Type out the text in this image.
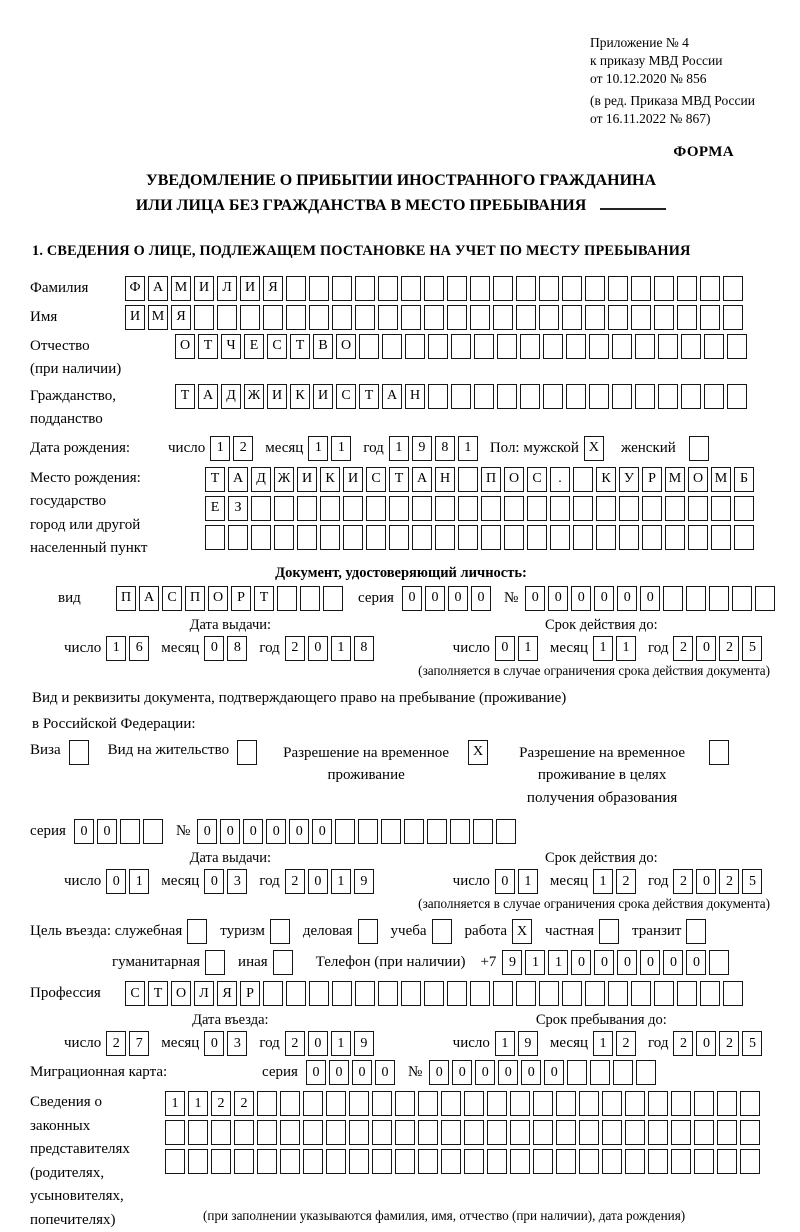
Приложение № 4
к приказу МВД России
от 10.12.2020 № 856
(в ред. Приказа МВД России
от 16.11.2022 № 867)
ФОРМА
УВЕДОМЛЕНИЕ О ПРИБЫТИИ ИНОСТРАННОГО ГРАЖДАНИНА
ИЛИ ЛИЦА БЕЗ ГРАЖДАНСТВА В МЕСТО ПРЕБЫВАНИЯ
1. СВЕДЕНИЯ О ЛИЦЕ, ПОДЛЕЖАЩЕМ ПОСТАНОВКЕ НА УЧЕТ ПО МЕСТУ ПРЕБЫВАНИЯ
Фамилия	Ф А М И Л И Я
Имя	И М Я
Отчество
(при наличии)
О Т	Ч	Е	С	Т	В О
Гражданство,
подданство
Т А Д Ж И К И С	Т А Н
Дата рождения:	число 1	2	месяц 1	1	год 1	9	8	1	Пол: мужской X	женский
Место рождения:
государство
город или другой
населенный пункт
Т А Д Ж И К И С	Т А Н	П О С	.	К У	Р М О М Б
Е	З
Документ, удостоверяющий личность:
вид	П А С П О	Р	Т	серия	0	0	0	0	№ 0	0	0	0	0	0
Дата выдачи:	Срок действия до:
число 1	6	месяц 0	8	год 2	0	1	8	число 0	1	месяц 1	1	год 2	0	2	5
(заполняется в случае ограничения срока действия документа)
Вид и реквизиты документа, подтверждающего право на пребывание (проживание)
в Российской Федерации:
Виза	Вид на жительство	Разрешение на временное
проживание
X	Разрешение на временное
проживание в целях
получения образования
серия	0	0	№ 0	0	0	0	0	0
Дата выдачи:	Срок действия до:
число 0	1	месяц 0	3	год 2	0	1	9	число 0	1	месяц 1	2	год 2	0	2	5
(заполняется в случае ограничения срока действия документа)
Цель въезда: служебная	туризм	деловая	учеба	работа X	частная	транзит
гуманитарная	иная	Телефон (при наличии) +7 9	1	1	0	0	0	0	0	0
Профессия	С	Т О Л Я	Р
Дата въезда:	Срок пребывания до:
число 2	7	месяц 0	3	год 2	0	1	9	число 1	9	месяц 1	2	год 2	0	2	5
Миграционная карта:	серия	0	0	0	0	№ 0	0	0	0	0	0
Сведения о
законных
представителях
(родителях,
усыновителях,
попечителях)
1	1	2	2
(при заполнении указываются фамилия, имя, отчество (при наличии), дата рождения)
